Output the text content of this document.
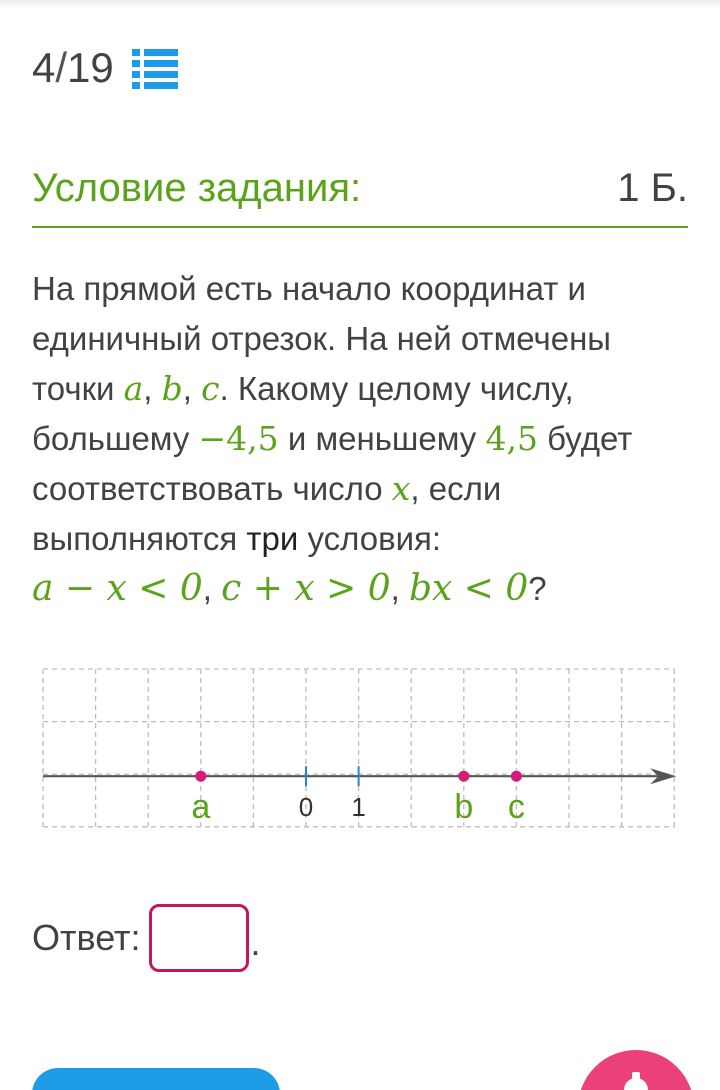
4 / 19
Условие задания:	1 Б.
На прямой есть начало координат и единичный отрезок. На ней отмечены точки a, b, c. Какому целому числу, большему −4,5 и меньшему 4,5 будет соответствовать число x, если выполняются три условия:
a − x < 0, c + x > 0, bx < 0?
0 1
a	b c
Ответ:	.
